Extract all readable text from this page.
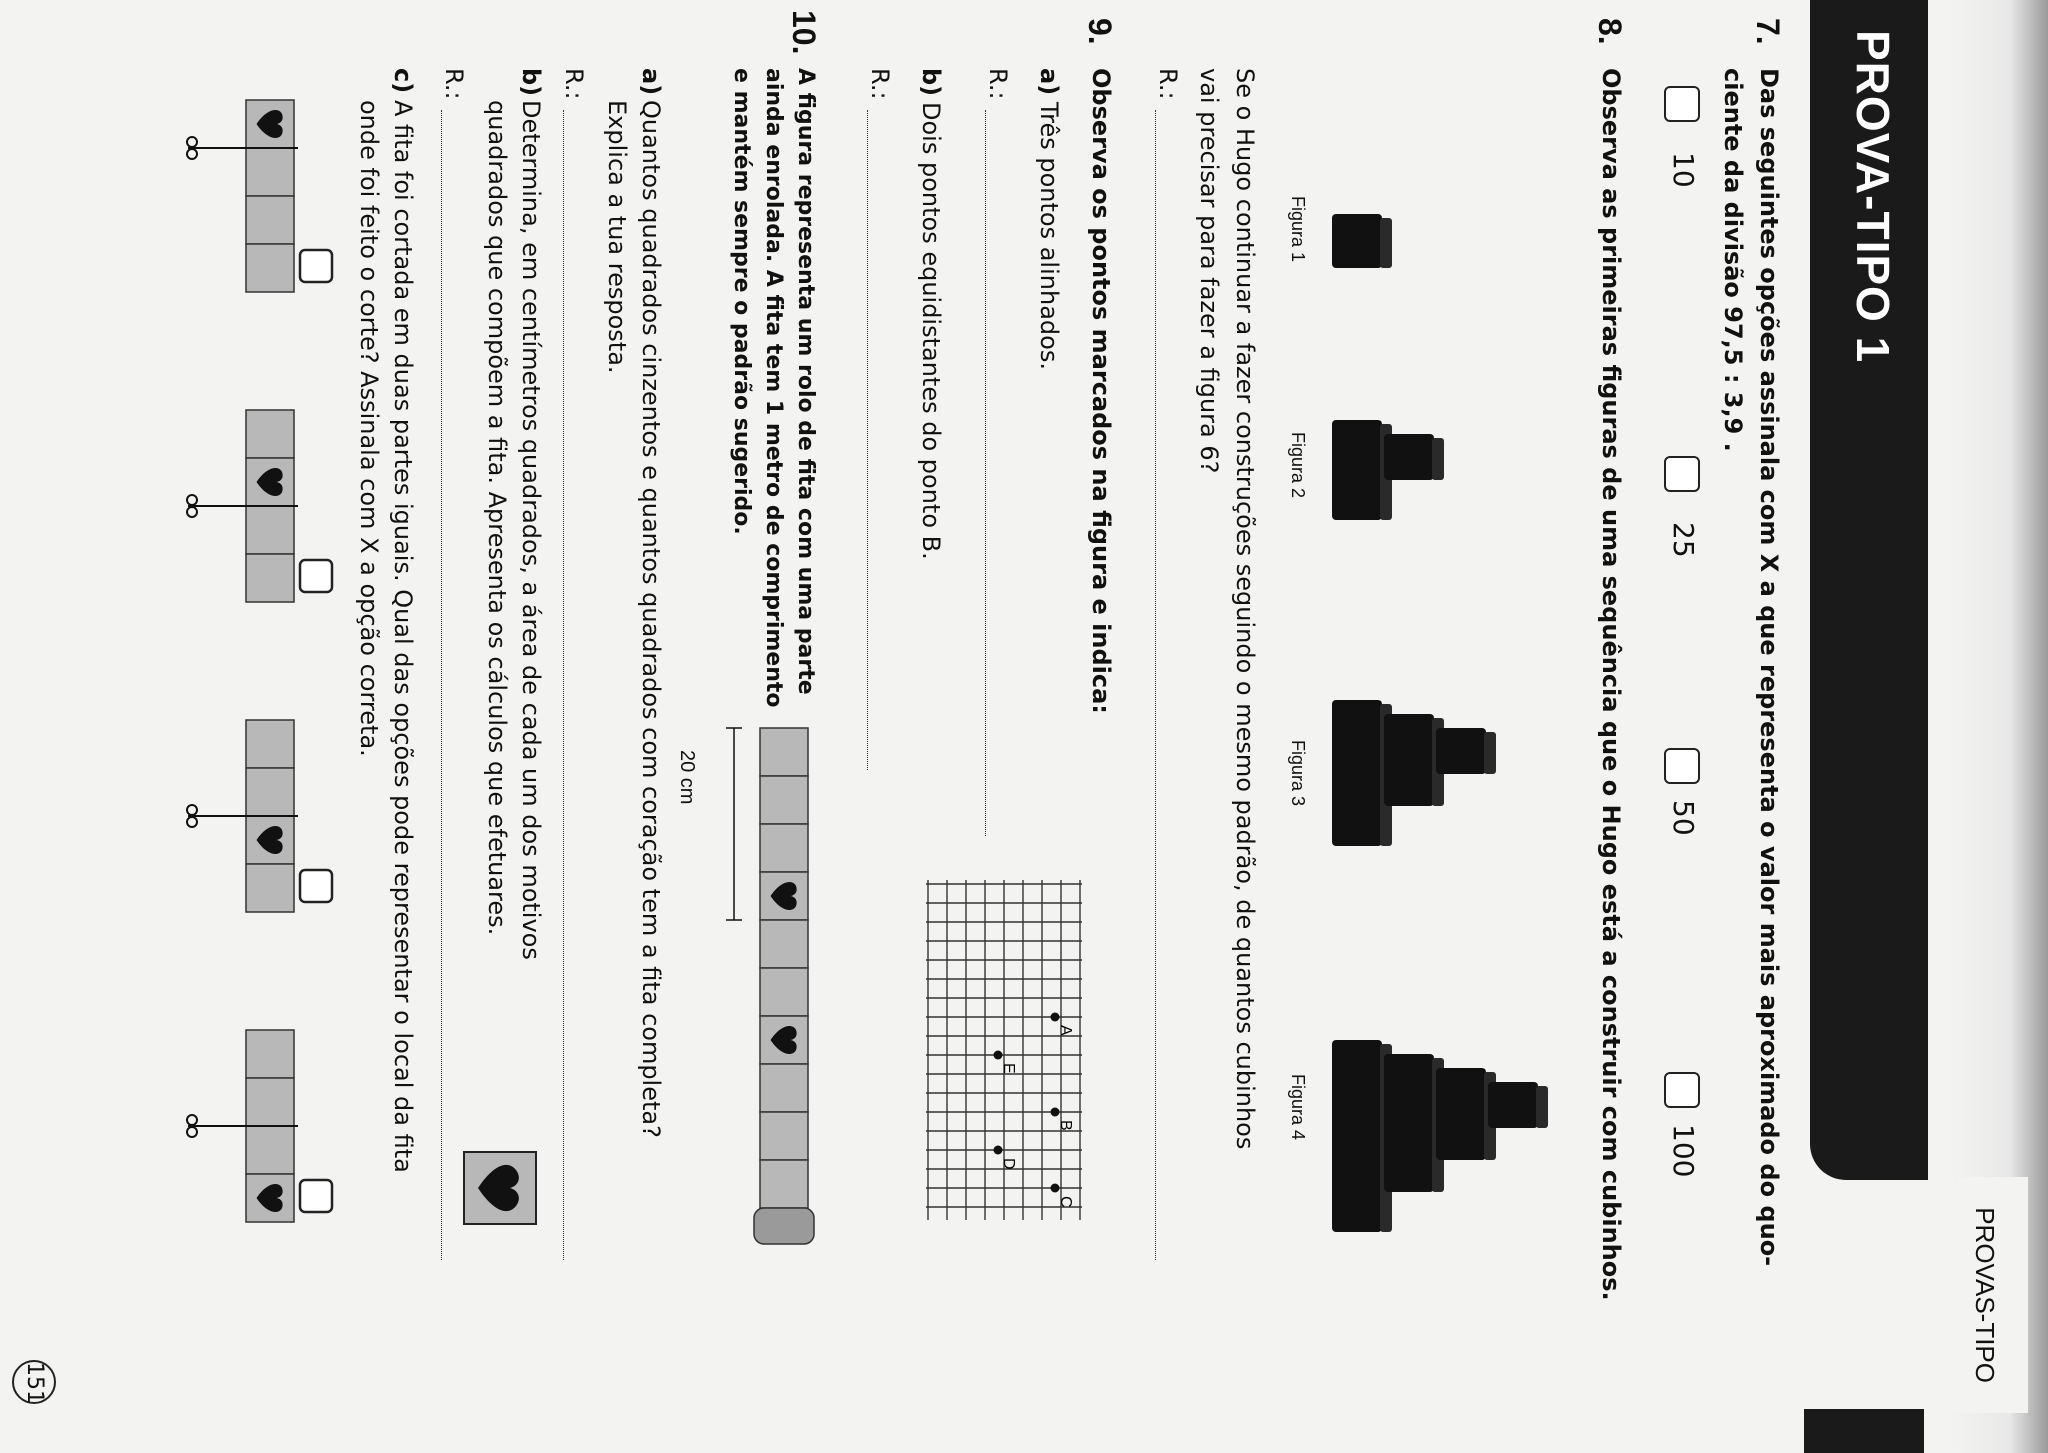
PROVAS-TIPO
PROVA-TIPO 1
7.
Das seguintes opções assinala com X a que representa o valor mais aproximado do quo-
ciente da divisão 97,5 : 3,9 .
10
25
50
100
8.
Observa as primeiras figuras de uma sequência que o Hugo está a construir com cubinhos.
Figura 1
Figura 2
Figura 3
Figura 4
Se o Hugo continuar a fazer construções seguindo o mesmo padrão, de quantos cubinhos
vai precisar para fazer a figura 6?
R.:
9.
Observa os pontos marcados na figura e indica:
a)
Três pontos alinhados.
R.:
b)
Dois pontos equidistantes do ponto B.
R.:
A
B
C
E
D
10.
A figura representa um rolo de fita com uma parte
ainda enrolada. A fita tem 1 metro de comprimento
e mantém sempre o padrão sugerido.
20 cm
a)
Quantos quadrados cinzentos e quantos quadrados com coração tem a fita completa?
Explica a tua resposta.
R.:
b)
Determina, em centímetros quadrados, a área de cada um dos motivos
quadrados que compõem a fita. Apresenta os cálculos que efetuares.
R.:
c)
A fita foi cortada em duas partes iguais. Qual das opções pode representar o local da fita
onde foi feito o corte? Assinala com X a opção correta.
151
